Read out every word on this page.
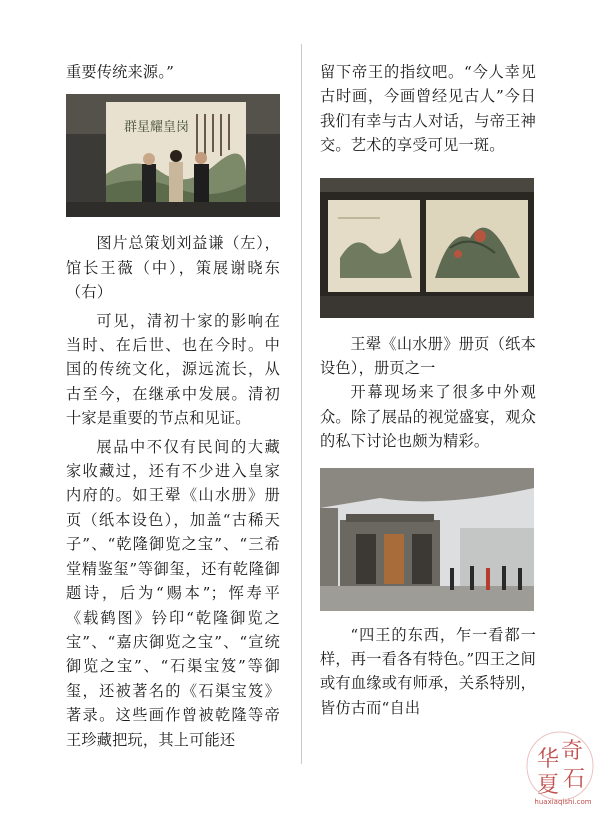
重要传统来源。”

群星耀皇岗

图片总策划刘益谦（左），馆长王薇（中），策展谢晓东（右）

可见，清初十家的影响在当时、在后世、也在今时。中国的传统文化，源远流长，从古至今，在继承中发展。清初十家是重要的节点和见证。

展品中不仅有民间的大藏家收藏过，还有不少进入皇家内府的。如王翚《山水册》册页（纸本设色），加盖“古稀天子”、“乾隆御览之宝”、“三希堂精鉴玺”等御玺，还有乾隆御题诗，后为“赐本”；恽寿平《载鹤图》钤印“乾隆御览之宝”、“嘉庆御览之宝”、“宣统御览之宝”、“石渠宝笈”等御玺，还被著名的《石渠宝笈》著录。这些画作曾被乾隆等帝王珍藏把玩，其上可能还

留下帝王的指纹吧。“今人幸见古时画，今画曾经见古人”今日我们有幸与古人对话，与帝王神交。艺术的享受可见一斑。

王翚《山水册》册页（纸本设色），册页之一

开幕现场来了很多中外观众。除了展品的视觉盛宴，观众的私下讨论也颇为精彩。

“四王的东西，乍一看都一样，再一看各有特色。”四王之间或有血缘或有师承，关系特别，皆仿古而“自出

华 奇
夏 石
huaxiaqishi.com
